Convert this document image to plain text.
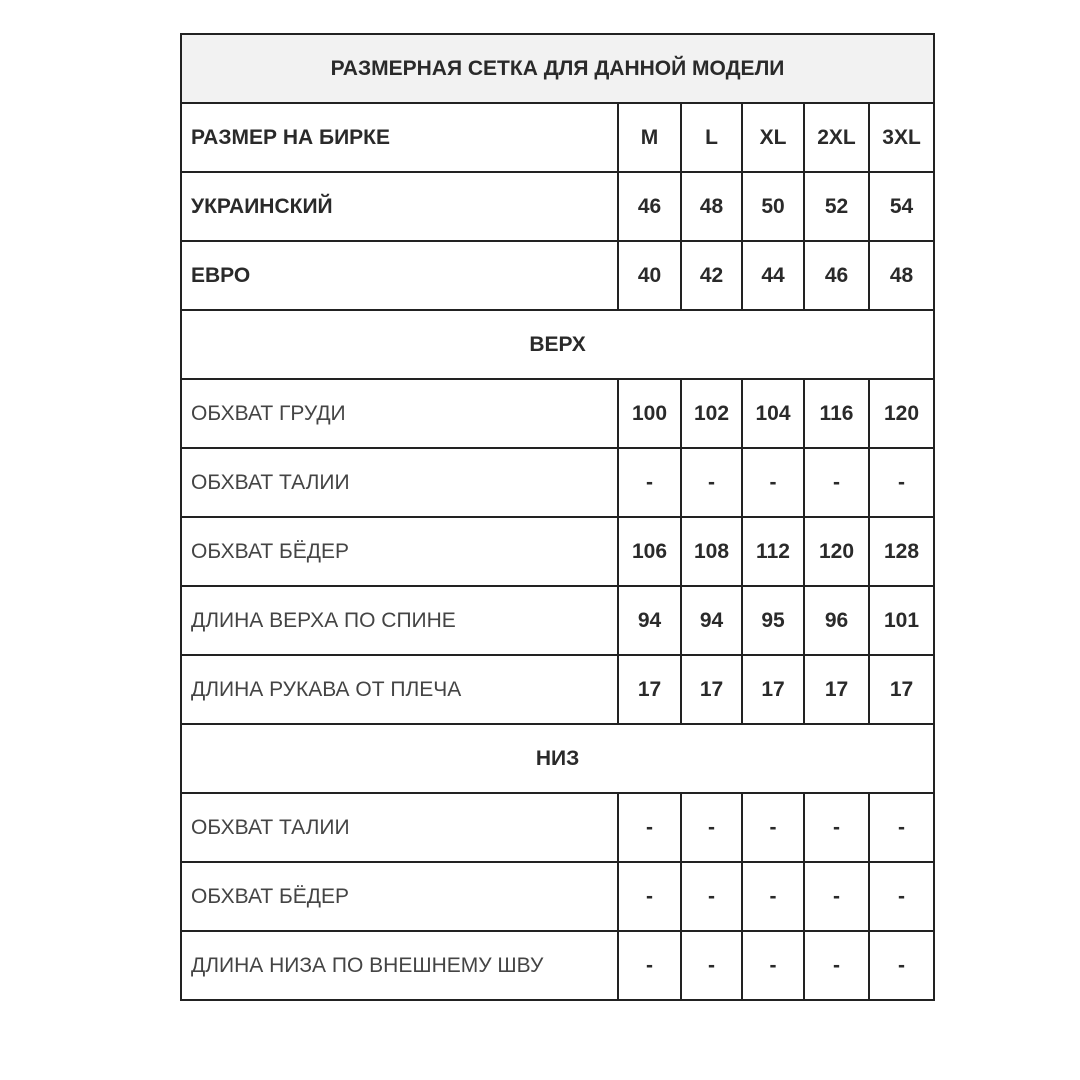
РАЗМЕРНАЯ СЕТКА ДЛЯ ДАННОЙ МОДЕЛИ					
РАЗМЕР НА БИРКЕ	M	L	XL	2XL	3XL
УКРАИНСКИЙ	46	48	50	52	54
ЕВРО	40	42	44	46	48
ВЕРХ					
ОБХВАТ ГРУДИ	100	102	104	116	120
ОБХВАТ ТАЛИИ	-	-	-	-	-
ОБХВАТ БЁДЕР	106	108	112	120	128
ДЛИНА ВЕРХА ПО СПИНЕ	94	94	95	96	101
ДЛИНА РУКАВА ОТ ПЛЕЧА	17	17	17	17	17
НИЗ					
ОБХВАТ ТАЛИИ	-	-	-	-	-
ОБХВАТ БЁДЕР	-	-	-	-	-
ДЛИНА НИЗА ПО ВНЕШНЕМУ ШВУ	-	-	-	-	-
